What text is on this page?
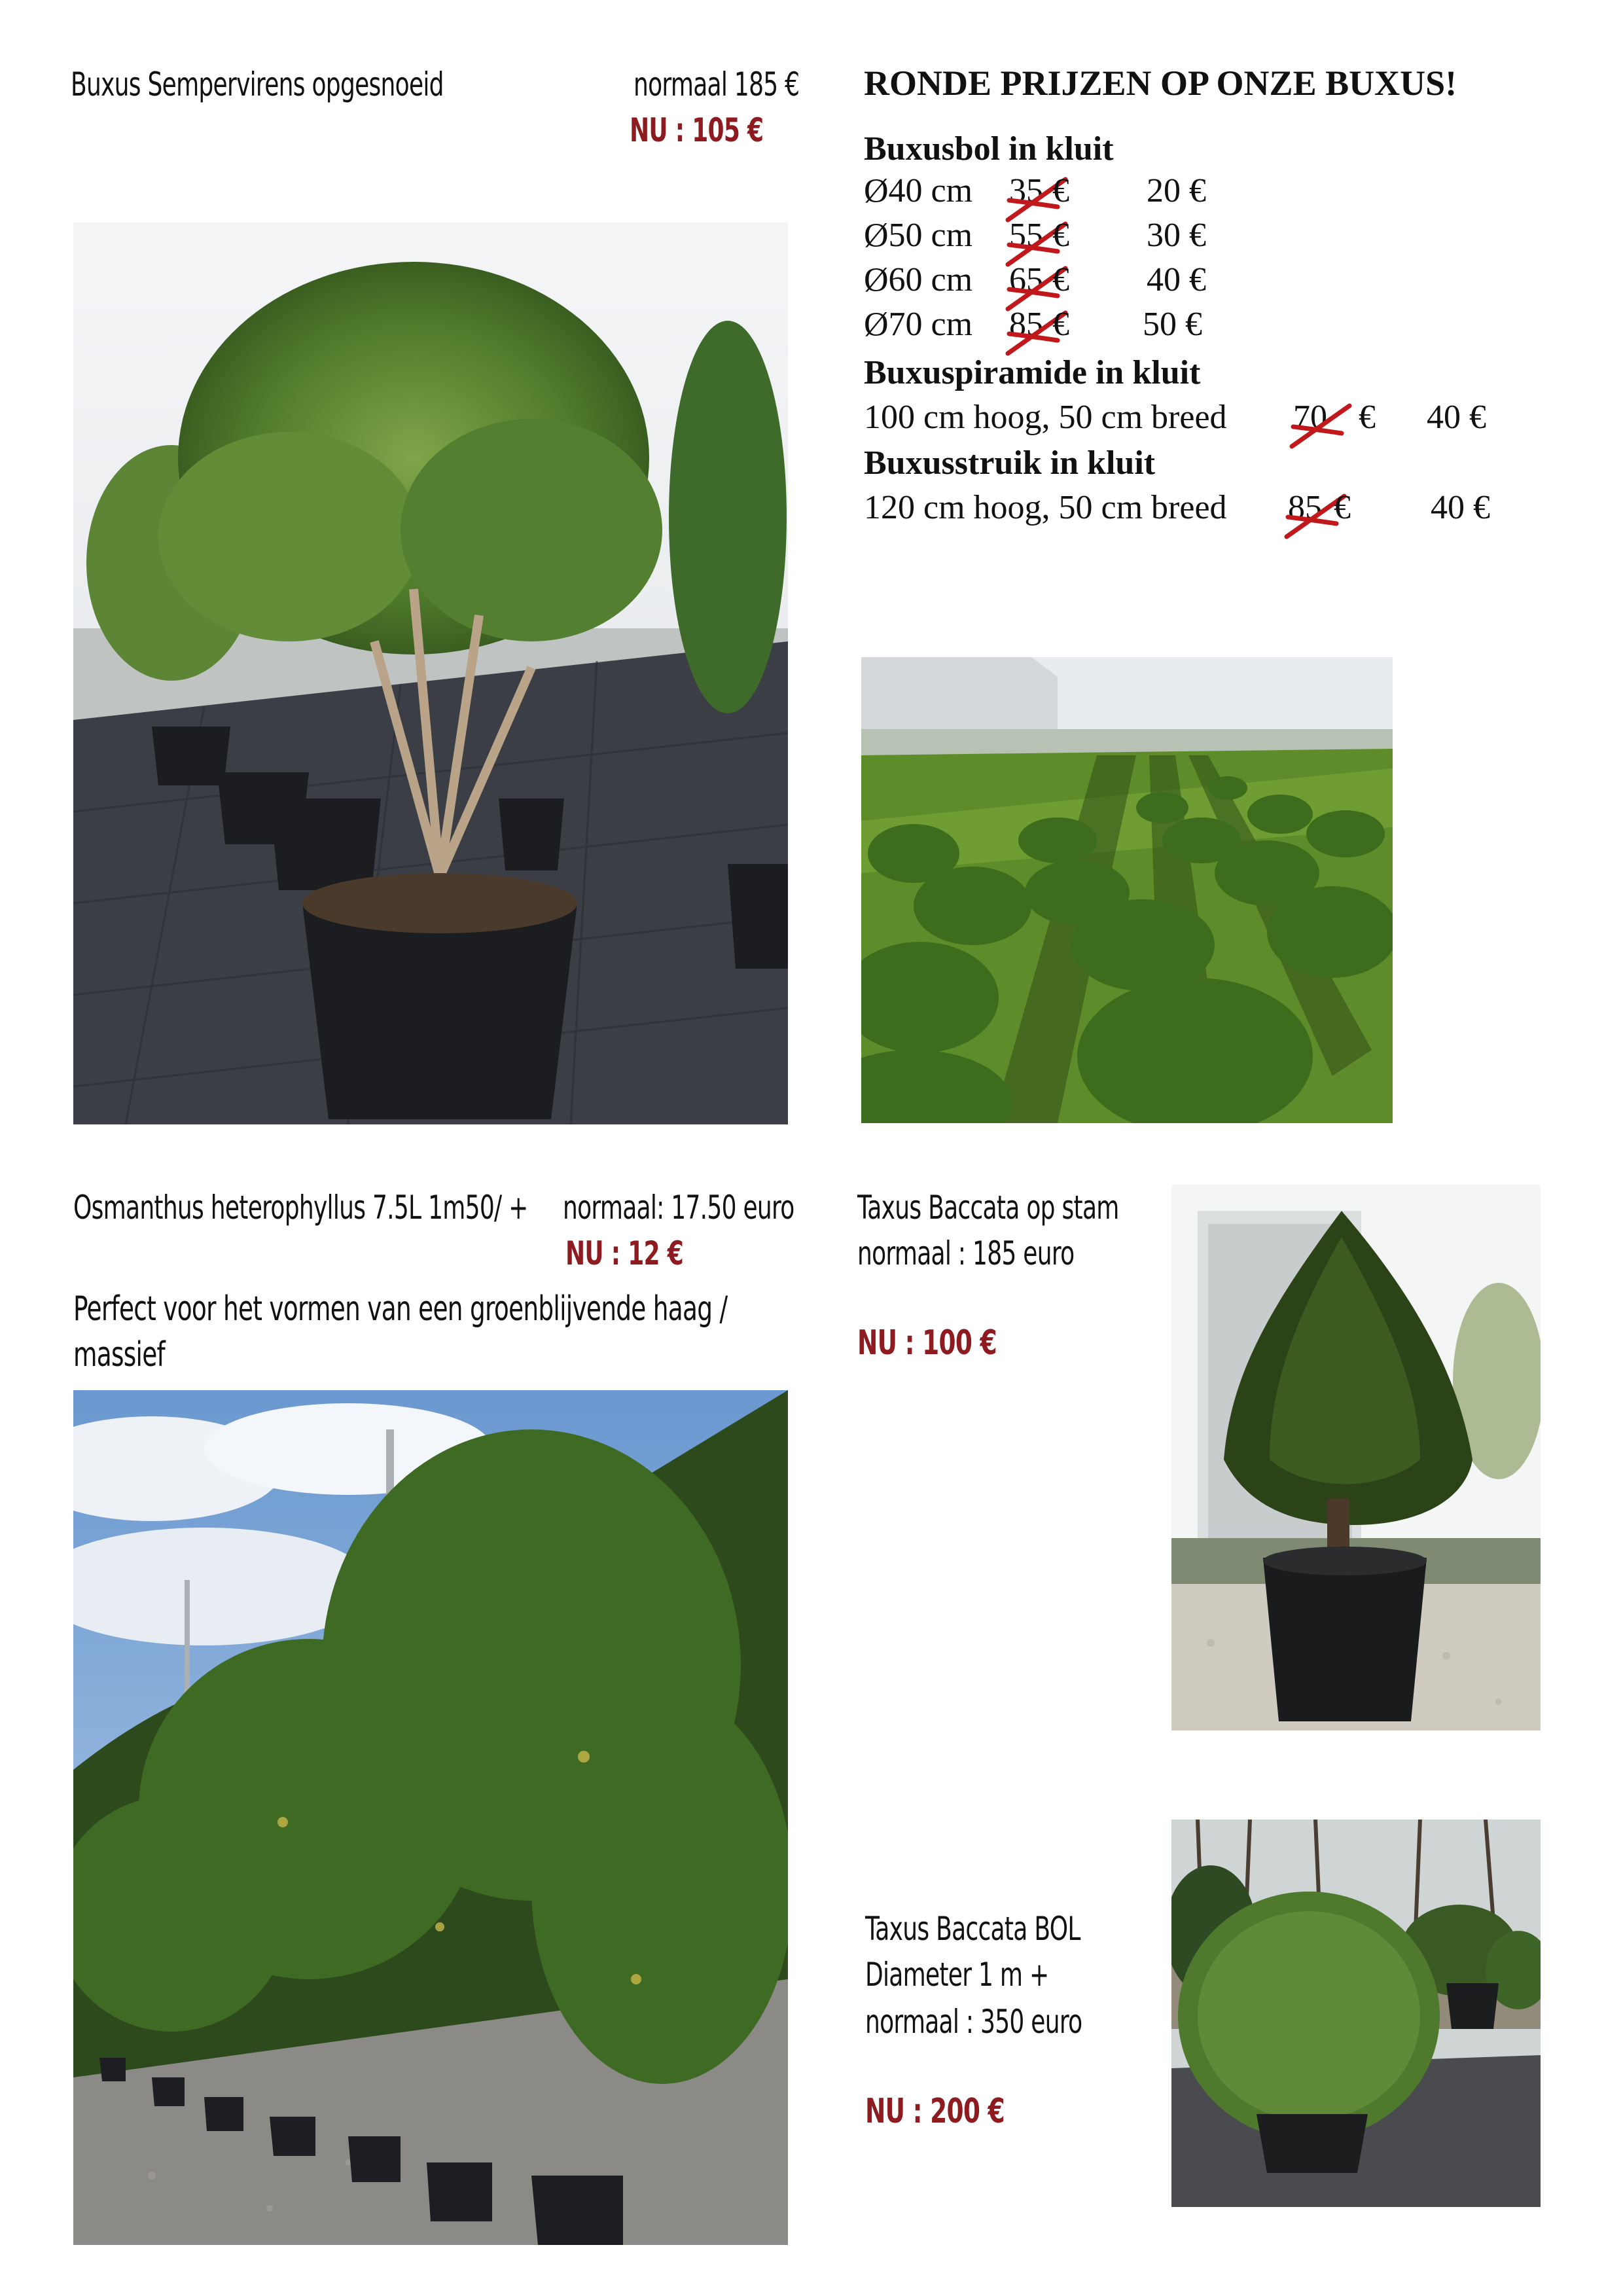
Buxus Sempervirens opgesnoeid	normaal 185 €
NU : 105 €
RONDE PRIJZEN OP ONZE BUXUS!
Buxusbol in kluit
Ø40 cm 35 € 20 €
Ø50 cm 55 € 30 €
Ø60 cm 65 € 40 €
Ø70 cm 85 € 50 €
Buxuspiramide in kluit
100 cm hoog, 50 cm breed 70 € 40 €
Buxusstruik in kluit
120 cm hoog, 50 cm breed 85 € 40 €
Osmanthus heterophyllus 7.5L 1m50/ + normaal: 17.50 euro
NU : 12 €
Perfect voor het vormen van een groenblijvende haag /
massief
Taxus Baccata op stam
normaal : 185 euro
NU : 100 €
Taxus Baccata BOL
Diameter 1 m +
normaal : 350 euro
NU : 200 €
